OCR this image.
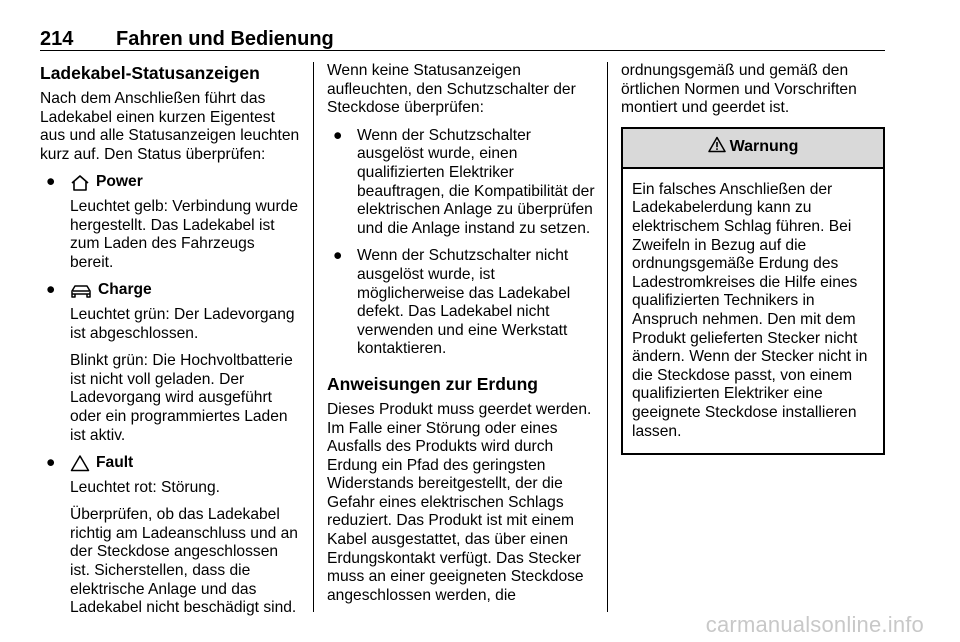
214 Fahren und Bedienung
Ladekabel-Statusanzeigen

Nach dem Anschließen führt das Ladekabel einen kurzen Eigentest aus und alle Statusanzeigen leuchten kurz auf. Den Status überprüfen:

●	Power

Leuchtet gelb: Verbindung wurde hergestellt. Das Ladekabel ist zum Laden des Fahrzeugs bereit.

●	Charge

Leuchtet grün: Der Ladevorgang ist abgeschlossen.

Blinkt grün: Die Hochvoltbatterie ist nicht voll geladen. Der Ladevorgang wird ausgeführt oder ein programmiertes Laden ist aktiv.

●	Fault

Leuchtet rot: Störung.

Überprüfen, ob das Ladekabel richtig am Ladeanschluss und an der Steckdose angeschlossen ist. Sicherstellen, dass die elektrische Anlage und das Ladekabel nicht beschädigt sind.

Wenn keine Statusanzeigen aufleuchten, den Schutzschalter der Steckdose überprüfen:

● Wenn der Schutzschalter ausgelöst wurde, einen qualifizierten Elektriker beauftragen, die Kompatibilität der elektrischen Anlage zu überprüfen und die Anlage instand zu setzen.

● Wenn der Schutzschalter nicht ausgelöst wurde, ist möglicherweise das Ladekabel defekt. Das Ladekabel nicht verwenden und eine Werkstatt kontaktieren.

Anweisungen zur Erdung

Dieses Produkt muss geerdet werden. Im Falle einer Störung oder eines Ausfalls des Produkts wird durch Erdung ein Pfad des geringsten Widerstands bereitgestellt, der die Gefahr eines elektrischen Schlags reduziert. Das Produkt ist mit einem Kabel ausgestattet, das über einen Erdungskontakt verfügt. Das Stecker muss an einer geeigneten Steckdose angeschlossen werden, die

ordnungsgemäß und gemäß den örtlichen Normen und Vorschriften montiert und geerdet ist.

Warnung
Ein falsches Anschließen der Ladekabelerdung kann zu elektrischem Schlag führen. Bei Zweifeln in Bezug auf die ordnungsgemäße Erdung des Ladestromkreises die Hilfe eines qualifizierten Technikers in Anspruch nehmen. Den mit dem Produkt gelieferten Stecker nicht ändern. Wenn der Stecker nicht in die Steckdose passt, von einem qualifizierten Elektriker eine geeignete Steckdose installieren lassen.
carmanualsonline.info
